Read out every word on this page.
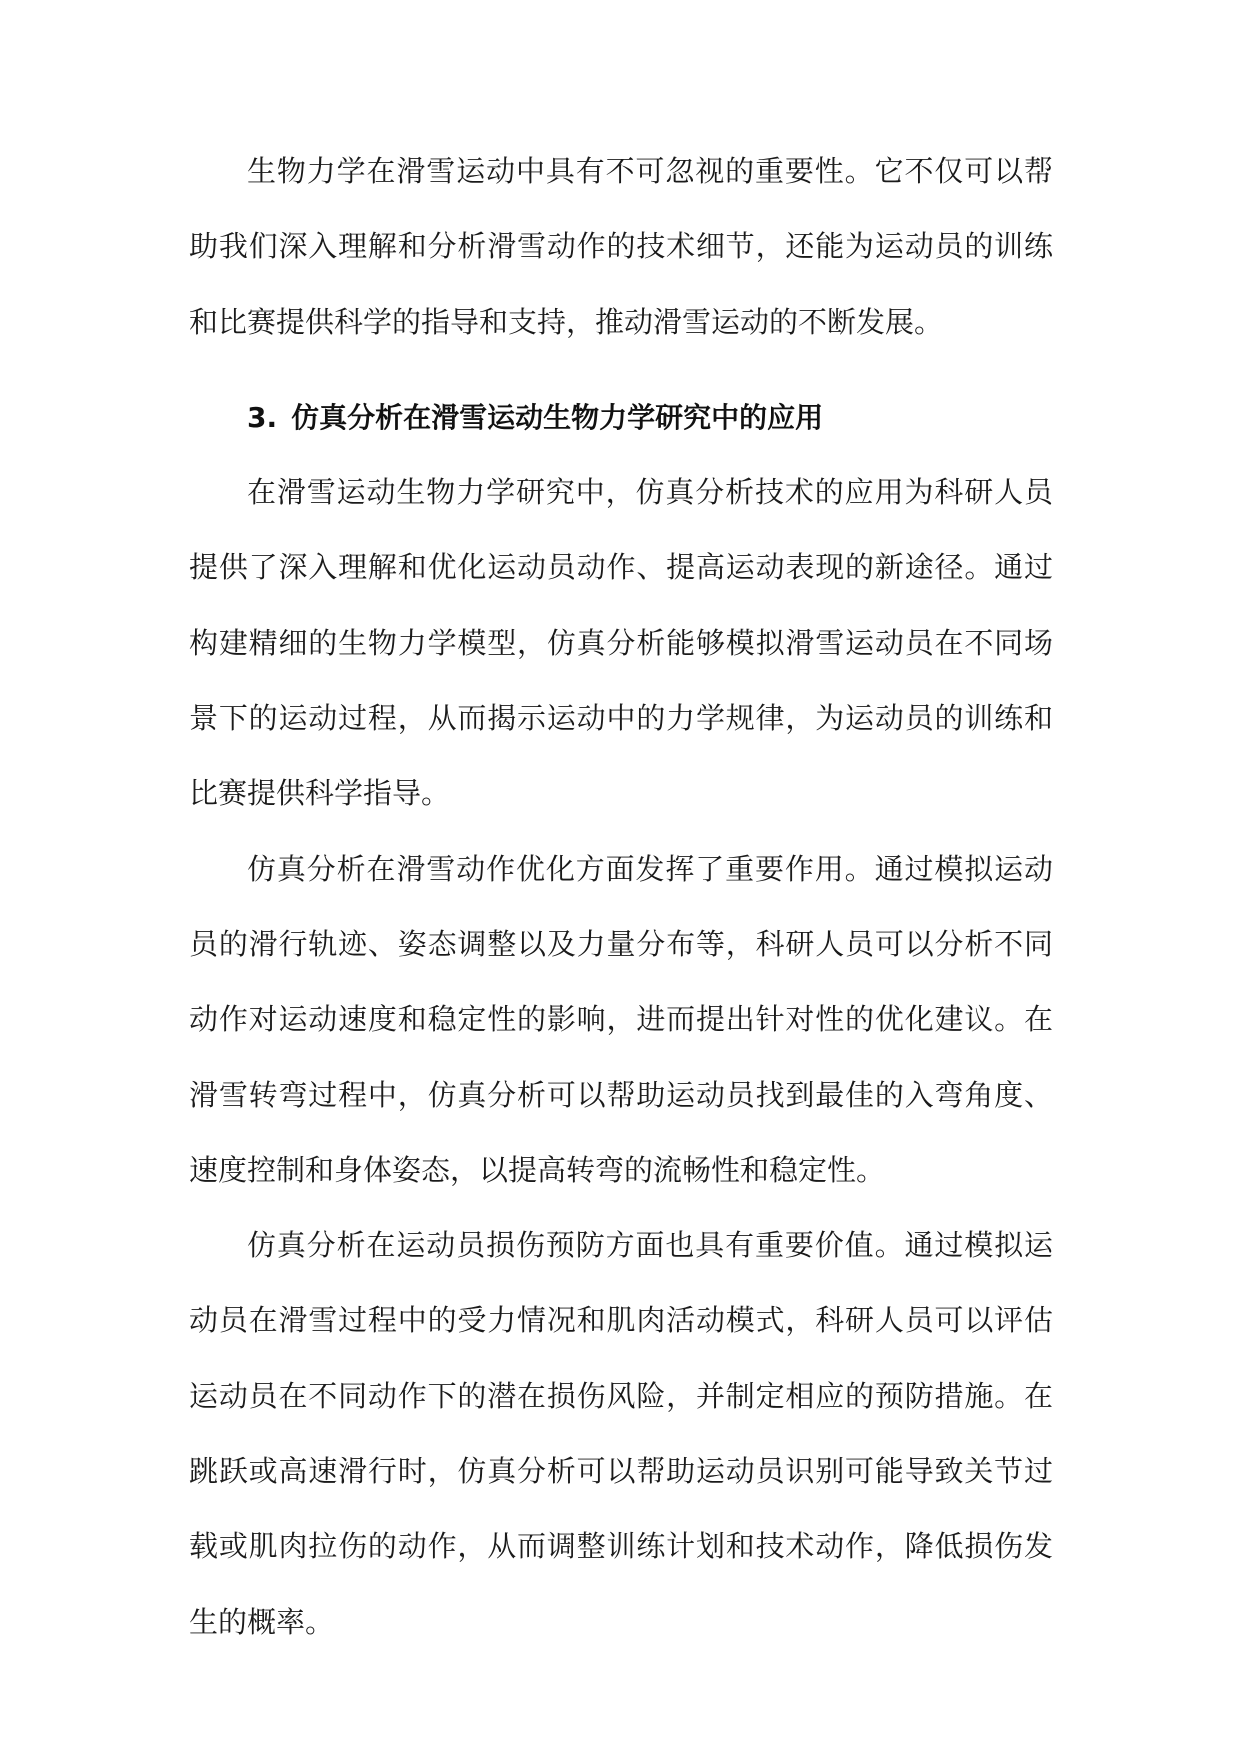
生物力学在滑雪运动中具有不可忽视的重要性。它不仅可以帮助我们深入理解和分析滑雪动作的技术细节，还能为运动员的训练和比赛提供科学的指导和支持，推动滑雪运动的不断发展。

3. 仿真分析在滑雪运动生物力学研究中的应用

在滑雪运动生物力学研究中，仿真分析技术的应用为科研人员提供了深入理解和优化运动员动作、提高运动表现的新途径。通过构建精细的生物力学模型，仿真分析能够模拟滑雪运动员在不同场景下的运动过程，从而揭示运动中的力学规律，为运动员的训练和比赛提供科学指导。

仿真分析在滑雪动作优化方面发挥了重要作用。通过模拟运动员的滑行轨迹、姿态调整以及力量分布等，科研人员可以分析不同动作对运动速度和稳定性的影响，进而提出针对性的优化建议。在滑雪转弯过程中，仿真分析可以帮助运动员找到最佳的入弯角度、速度控制和身体姿态，以提高转弯的流畅性和稳定性。

仿真分析在运动员损伤预防方面也具有重要价值。通过模拟运动员在滑雪过程中的受力情况和肌肉活动模式，科研人员可以评估运动员在不同动作下的潜在损伤风险，并制定相应的预防措施。在跳跃或高速滑行时，仿真分析可以帮助运动员识别可能导致关节过载或肌肉拉伤的动作，从而调整训练计划和技术动作，降低损伤发生的概率。
